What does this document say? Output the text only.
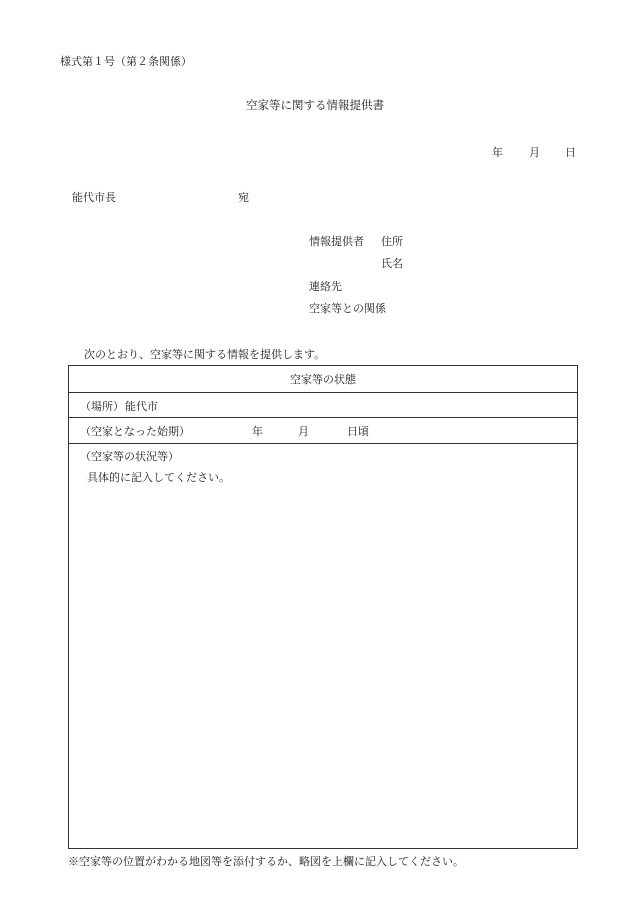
様式第１号（第２条関係）
空家等に関する情報提供書
年 月 日
能代市長	宛
情報提供者 住所
氏名
連絡先
空家等との関係
次のとおり、空家等に関する情報を提供します。
空家等の状態
（場所） 能代市
（空家となった始期）	年	月	日頃
（空家等の状況等）
具体的に記入してください。
※空家等の位置がわかる地図等を添付するか、略図を上欄に記入してください。
